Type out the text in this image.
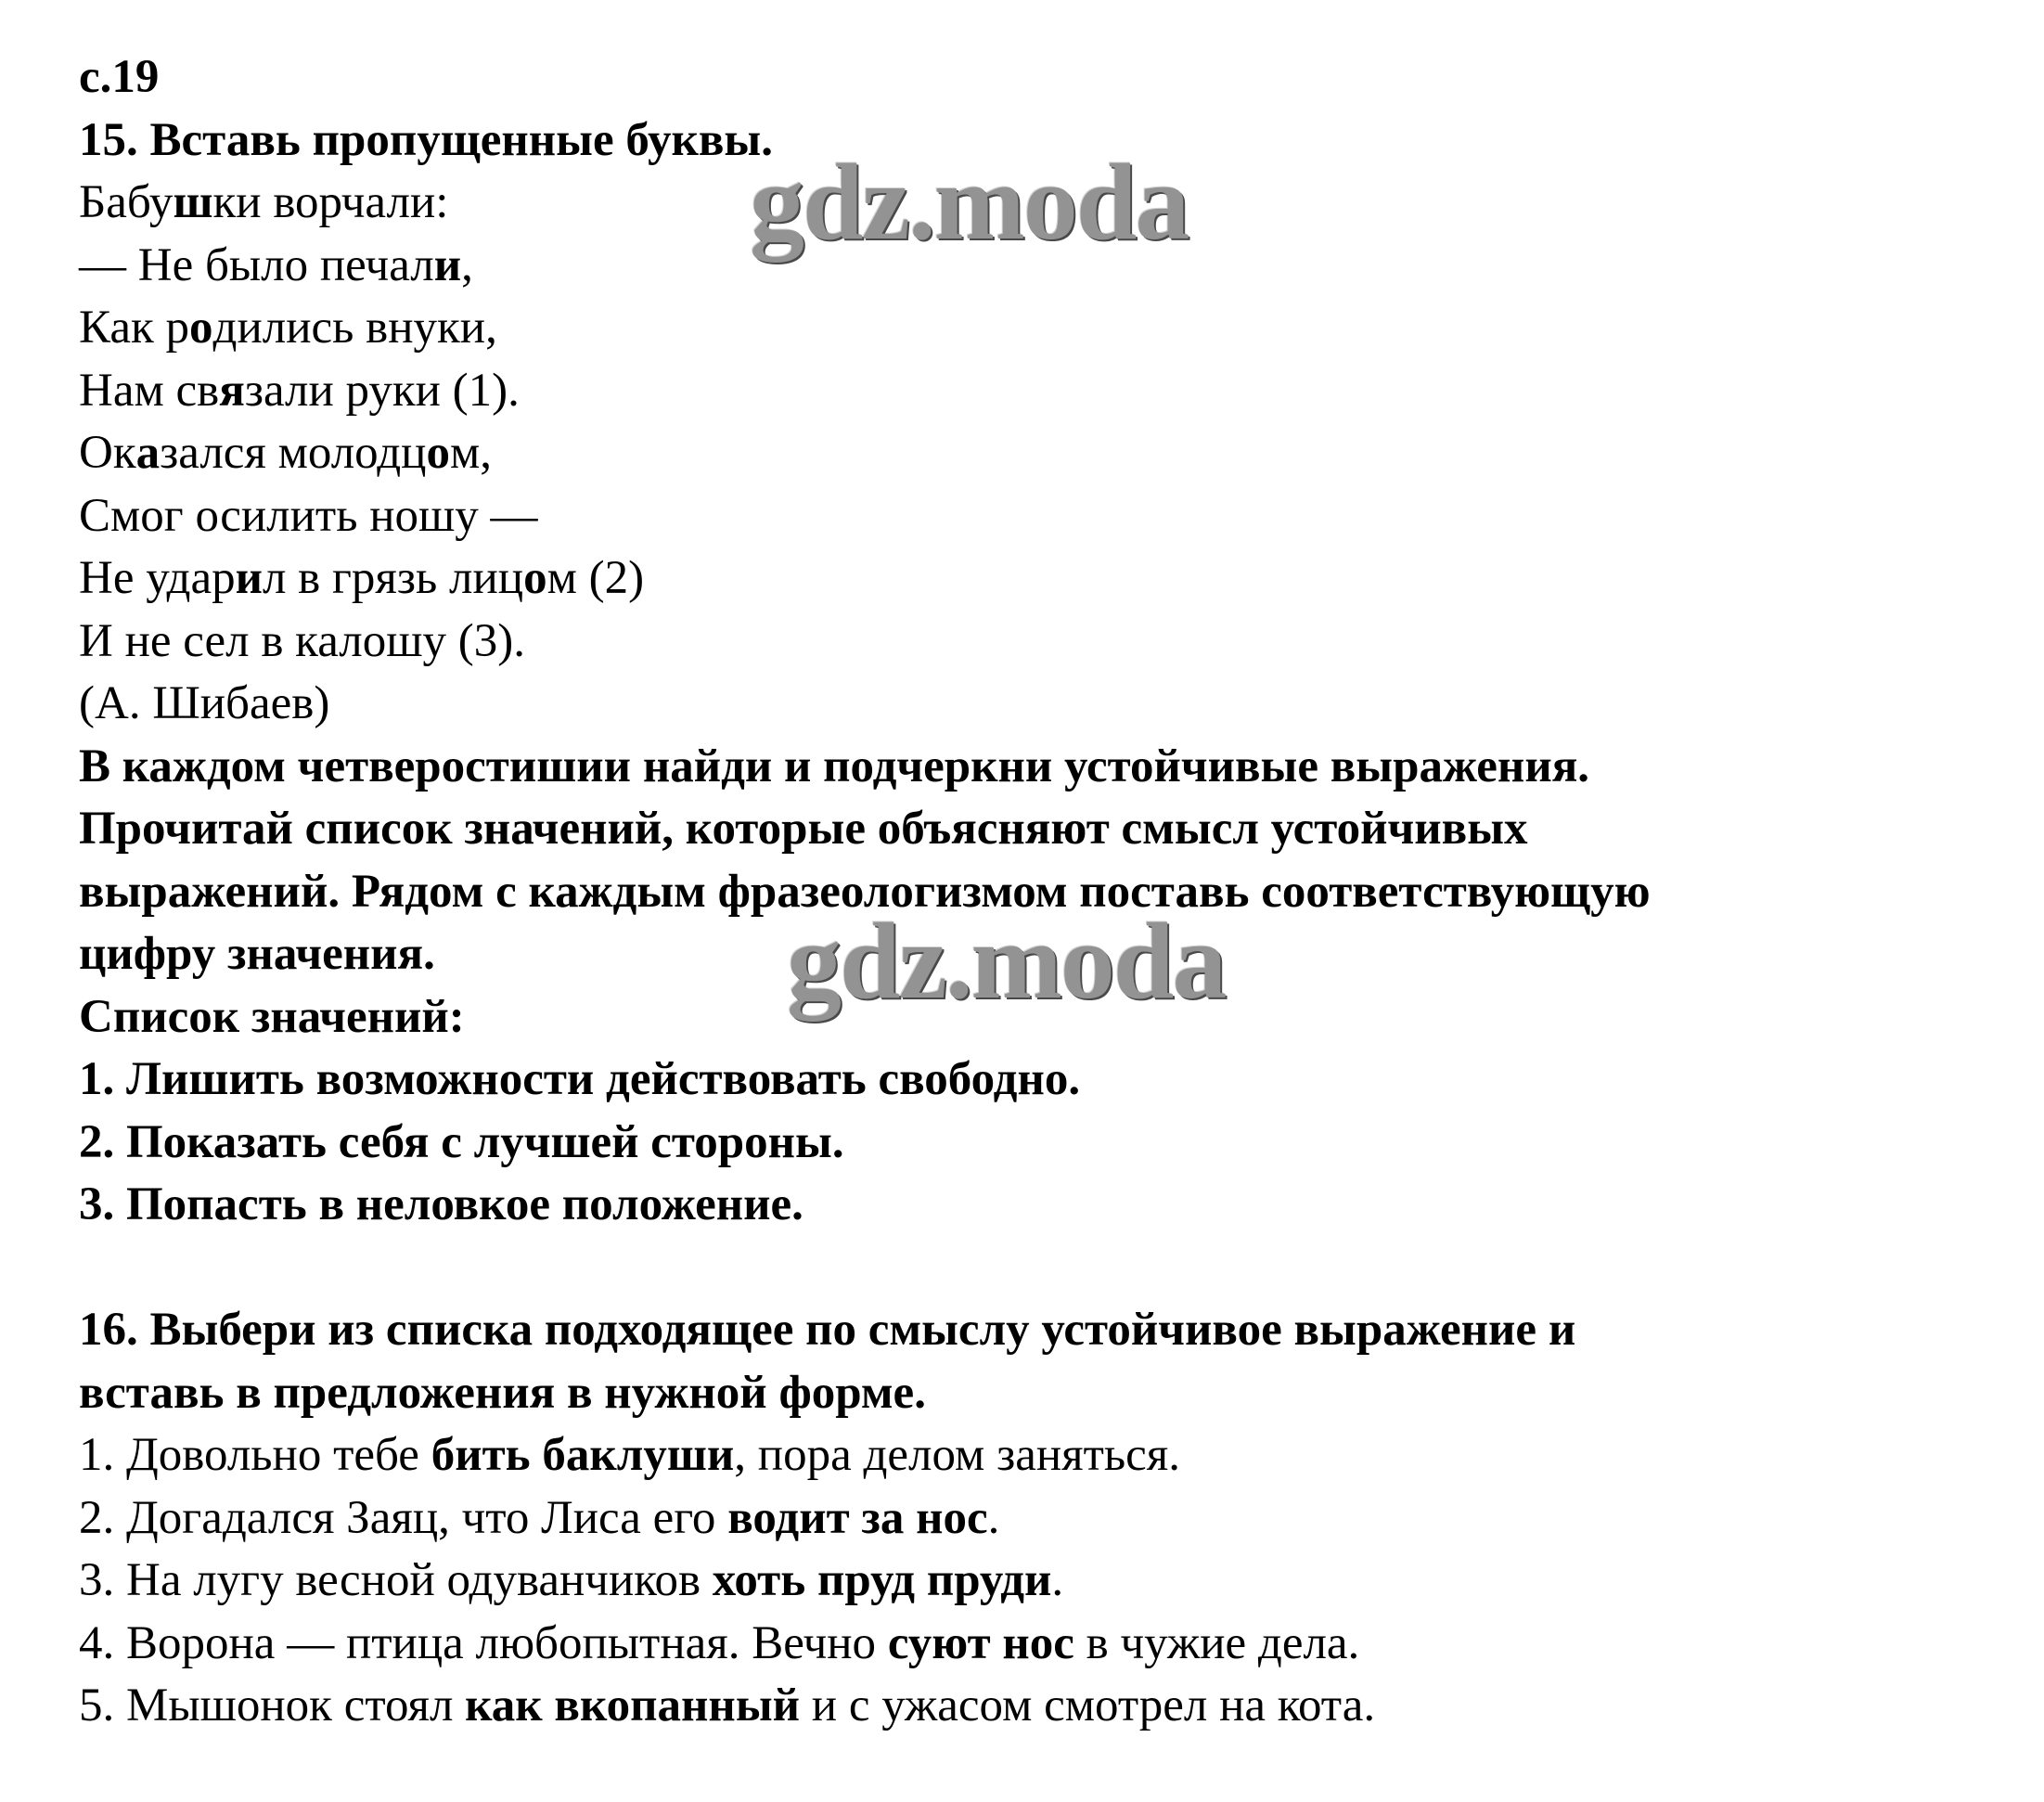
с.19
15. Вставь пропущенные буквы.
Бабушки ворчали:
— Не было печали,
Как родились внуки,
Нам связали руки (1).
Оказался молодцом,
Смог осилить ношу —
Не ударил в грязь лицом (2)
И не сел в калошу (3).
(А. Шибаев)
В каждом четверостишии найди и подчеркни устойчивые выражения.
Прочитай список значений, которые объясняют смысл устойчивых
выражений. Рядом с каждым фразеологизмом поставь соответствующую
цифру значения.
Список значений:
1. Лишить возможности действовать свободно.
2. Показать себя с лучшей стороны.
3. Попасть в неловкое положение.
16. Выбери из списка подходящее по смыслу устойчивое выражение и
вставь в предложения в нужной форме.
1. Довольно тебе бить баклуши, пора делом заняться.
2. Догадался Заяц, что Лиса его водит за нос.
3. На лугу весной одуванчиков хоть пруд пруди.
4. Ворона — птица любопытная. Вечно суют нос в чужие дела.
5. Мышонок стоял как вкопанный и с ужасом смотрел на кота.
gdz.moda
gdz.moda
